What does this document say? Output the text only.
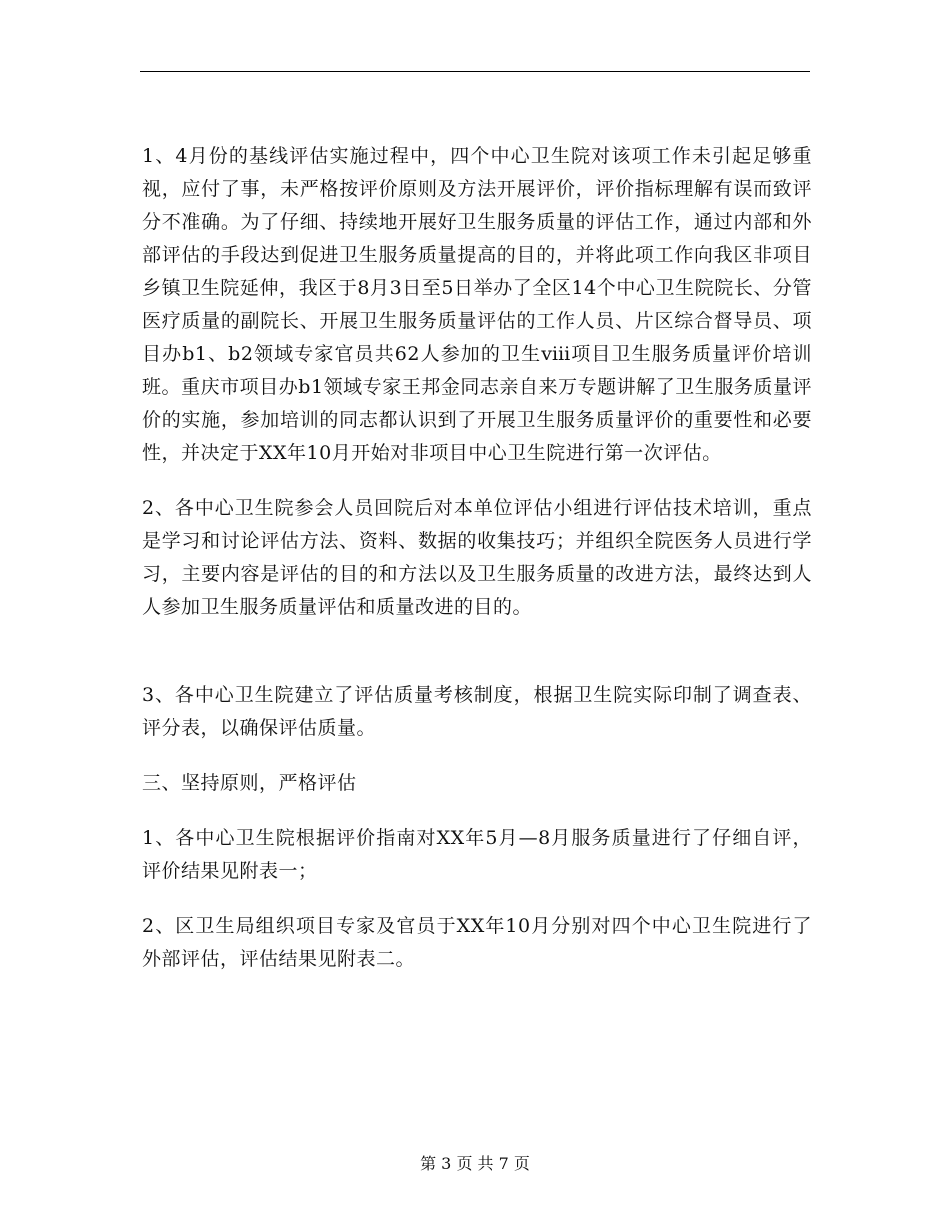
1、4月份的基线评估实施过程中，四个中心卫生院对该项工作未引起足够重视，应付了事，未严格按评价原则及方法开展评价，评价指标理解有误而致评分不准确。为了仔细、持续地开展好卫生服务质量的评估工作，通过内部和外部评估的手段达到促进卫生服务质量提高的目的，并将此项工作向我区非项目乡镇卫生院延伸，我区于8月3日至5日举办了全区14个中心卫生院院长、分管医疗质量的副院长、开展卫生服务质量评估的工作人员、片区综合督导员、项目办b1、b2领域专家官员共62人参加的卫生ⅷ项目卫生服务质量评价培训班。重庆市项目办b1领域专家王邦金同志亲自来万专题讲解了卫生服务质量评价的实施，参加培训的同志都认识到了开展卫生服务质量评价的重要性和必要性，并决定于XX年10月开始对非项目中心卫生院进行第一次评估。

2、各中心卫生院参会人员回院后对本单位评估小组进行评估技术培训，重点是学习和讨论评估方法、资料、数据的收集技巧；并组织全院医务人员进行学习，主要内容是评估的目的和方法以及卫生服务质量的改进方法，最终达到人人参加卫生服务质量评估和质量改进的目的。

3、各中心卫生院建立了评估质量考核制度，根据卫生院实际印制了调查表、评分表，以确保评估质量。

三、坚持原则，严格评估

1、各中心卫生院根据评价指南对XX年5月—8月服务质量进行了仔细自评，评价结果见附表一；

2、区卫生局组织项目专家及官员于XX年10月分别对四个中心卫生院进行了外部评估，评估结果见附表二。

第 3 页 共 7 页
